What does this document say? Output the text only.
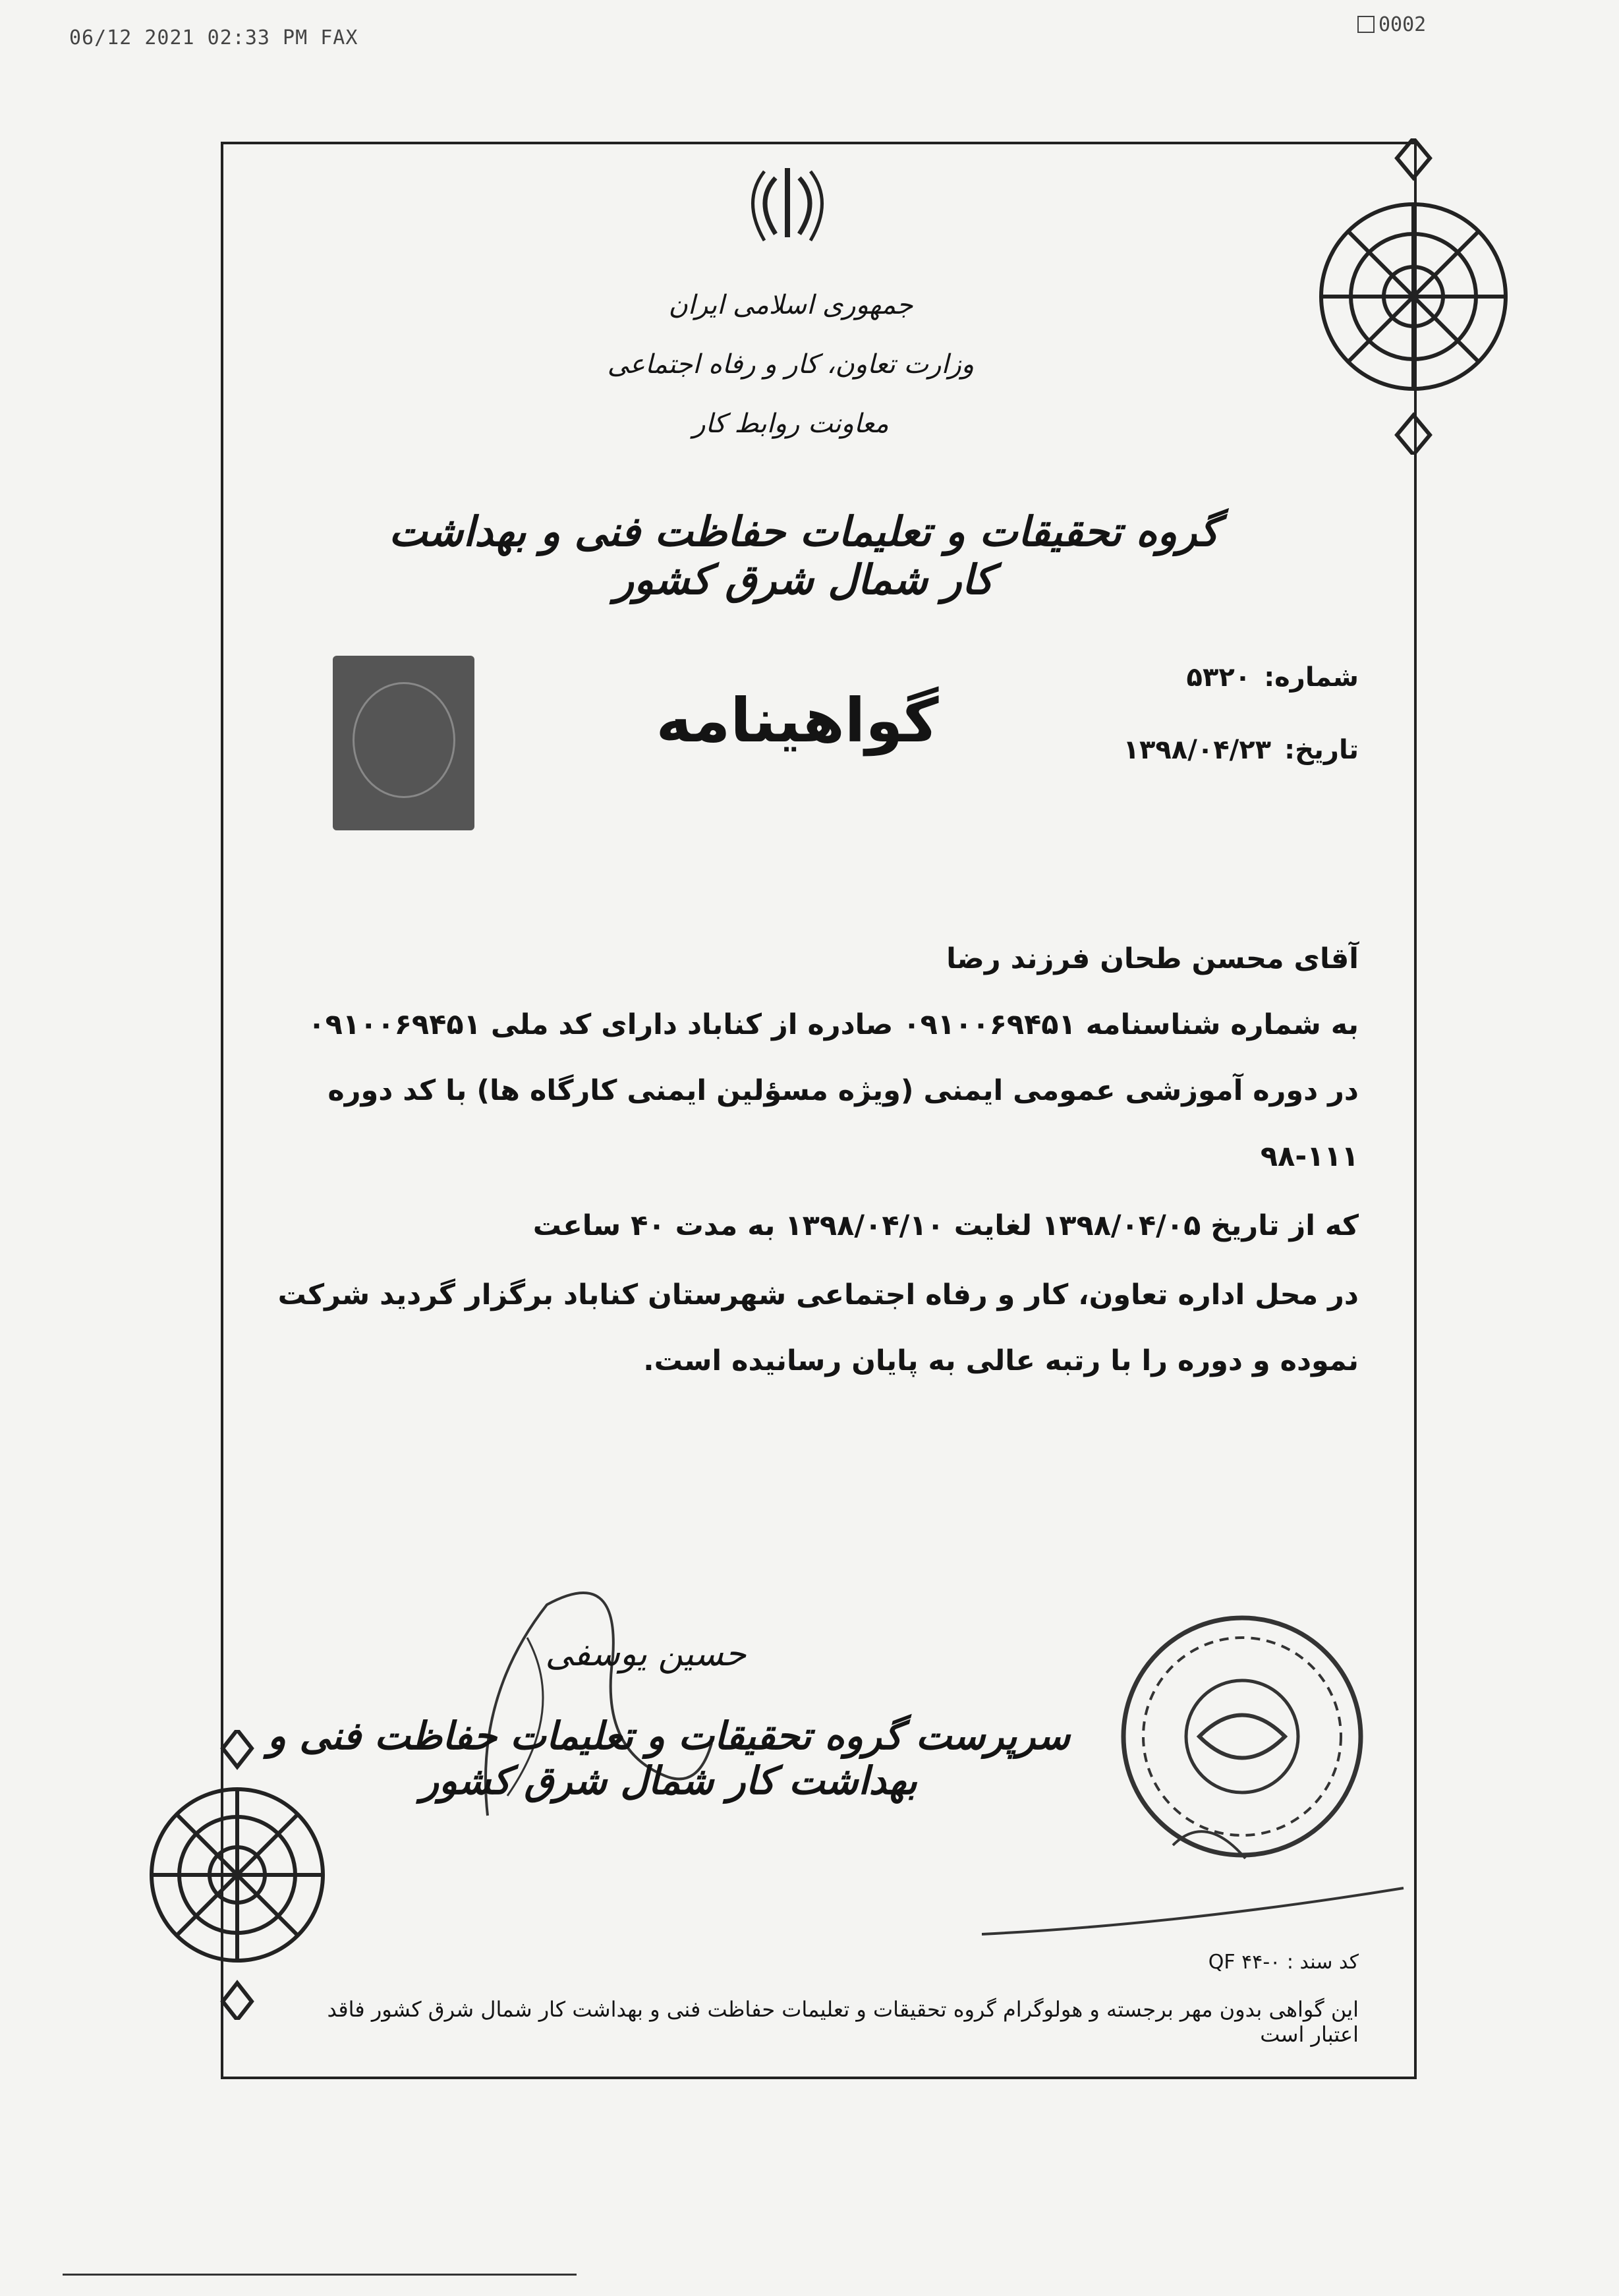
06/12 2021 02:33 PM FAX
0002
جمهوری اسلامی ایران
وزارت تعاون، کار و رفاه اجتماعی
معاونت روابط کار
گروه تحقیقات و تعلیمات حفاظت فنی و بهداشت کار شمال شرق کشور
گواهینامه
شماره:۵۳۲۰
تاریخ:۱۳۹۸/۰۴/۲۳
آقای محسن طحان فرزند رضا
به شماره شناسنامه ۰۹۱۰۰۶۹۴۵۱ صادره از کناباد دارای کد ملی ۰۹۱۰۰۶۹۴۵۱
در دوره آموزشی عمومی ایمنی (ویژه مسؤلین ایمنی کارگاه ها) با کد دوره
۹۸-۱۱۱
که از تاریخ ۱۳۹۸/۰۴/۰۵ لغایت ۱۳۹۸/۰۴/۱۰ به مدت ۴۰ ساعت
در محل اداره تعاون، کار و رفاه اجتماعی شهرستان کناباد برگزار گردید شرکت
نموده و دوره را با رتبه عالی به پایان رسانیده است.
حسین یوسفی
سرپرست گروه تحقیقات و تعلیمات حفاظت فنی و بهداشت کار شمال شرق کشور
کد سند : QF ۴۴-۰
این گواهی بدون مهر برجسته و هولوگرام گروه تحقیقات و تعلیمات حفاظت فنی و بهداشت کار شمال شرق کشور فاقد اعتبار است
